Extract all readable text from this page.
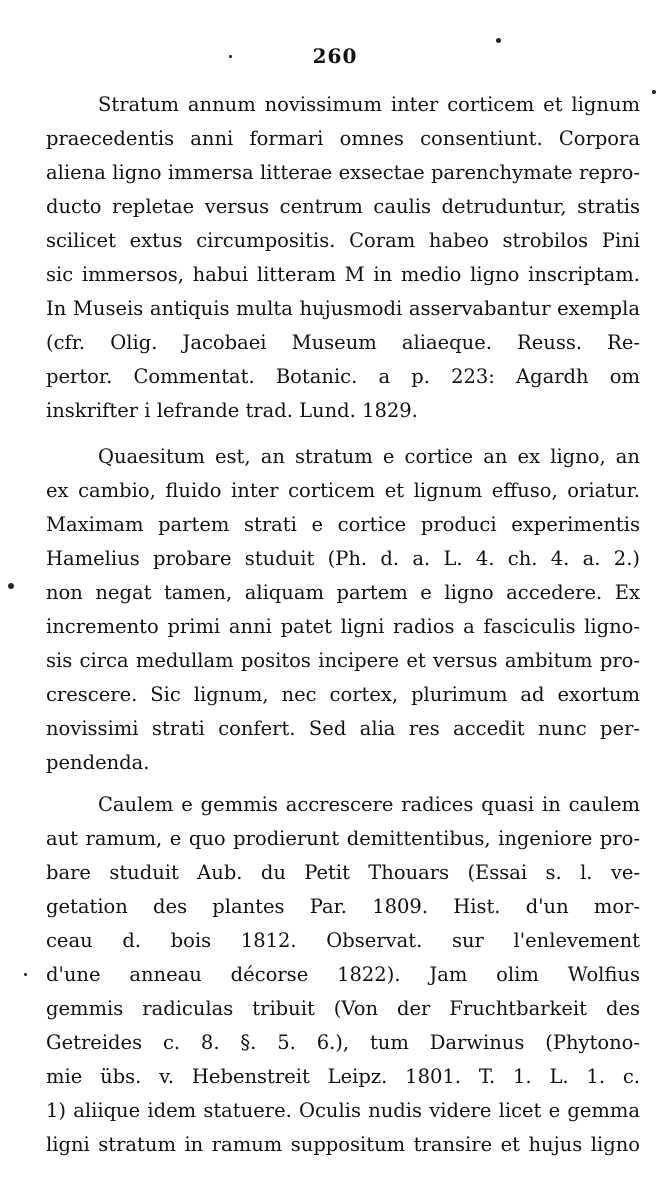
260
Stratum annum novissimum inter corticem et lignum
praecedentis anni formari omnes consentiunt. Corpora
aliena ligno immersa litterae exsectae parenchymate repro-
ducto repletae versus centrum caulis detruduntur, stratis
scilicet extus circumpositis. Coram habeo strobilos Pini
sic immersos, habui litteram M in medio ligno inscriptam.
In Museis antiquis multa hujusmodi asservabantur exempla
(cfr. Olig. Jacobaei Museum aliaeque. Reuss. Re-
pertor. Commentat. Botanic. a p. 223: Agardh om
inskrifter i lefrande trad. Lund. 1829.
Quaesitum est, an stratum e cortice an ex ligno, an
ex cambio, fluido inter corticem et lignum effuso, oriatur.
Maximam partem strati e cortice produci experimentis
Hamelius probare studuit (Ph. d. a. L. 4. ch. 4. a. 2.)
non negat tamen, aliquam partem e ligno accedere. Ex
incremento primi anni patet ligni radios a fasciculis ligno-
sis circa medullam positos incipere et versus ambitum pro-
crescere. Sic lignum, nec cortex, plurimum ad exortum
novissimi strati confert. Sed alia res accedit nunc per-
pendenda.
Caulem e gemmis accrescere radices quasi in caulem
aut ramum, e quo prodierunt demittentibus, ingeniore pro-
bare studuit Aub. du Petit Thouars (Essai s. l. ve-
getation des plantes Par. 1809. Hist. d'un mor-
ceau d. bois 1812. Observat. sur l'enlevement
d'une anneau décorse 1822). Jam olim Wolfius
gemmis radiculas tribuit (Von der Fruchtbarkeit des
Getreides c. 8. §. 5. 6.), tum Darwinus (Phytono-
mie übs. v. Hebenstreit Leipz. 1801. T. 1. L. 1. c.
1) aliique idem statuere. Oculis nudis videre licet e gemma
ligni stratum in ramum suppositum transire et hujus ligno
